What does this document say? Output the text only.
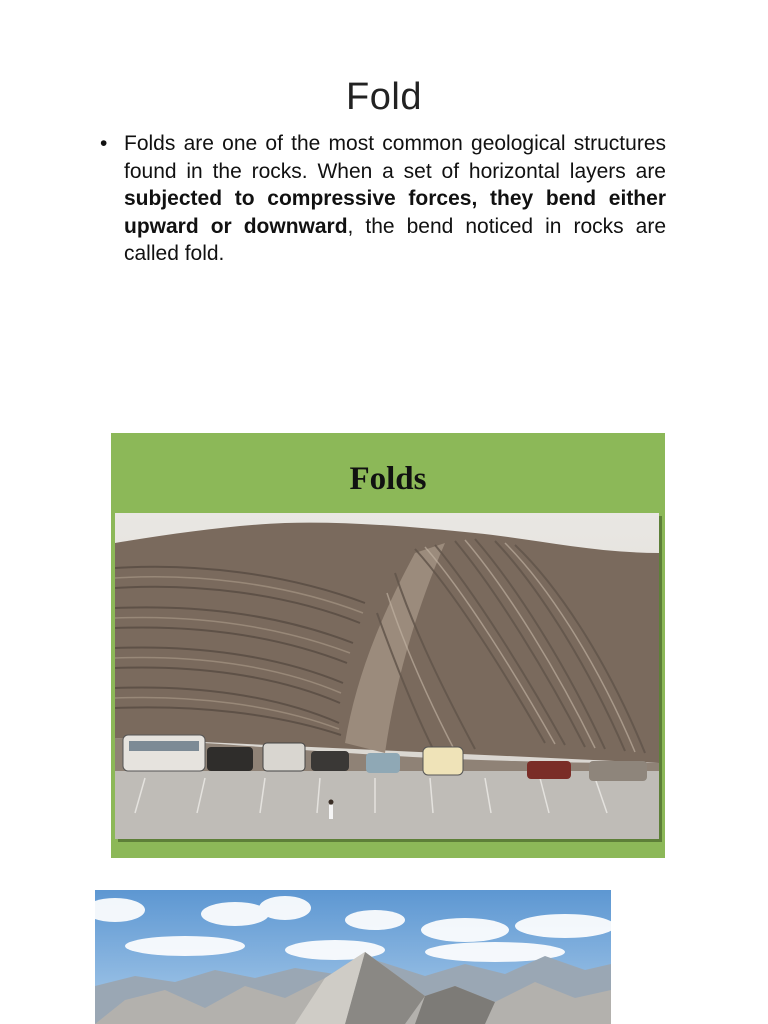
Fold
• Folds are one of the most common geological structures found in the rocks. When a set of horizontal layers are subjected to compressive forces, they bend either upward or downward, the bend noticed in rocks are called fold.
Folds
